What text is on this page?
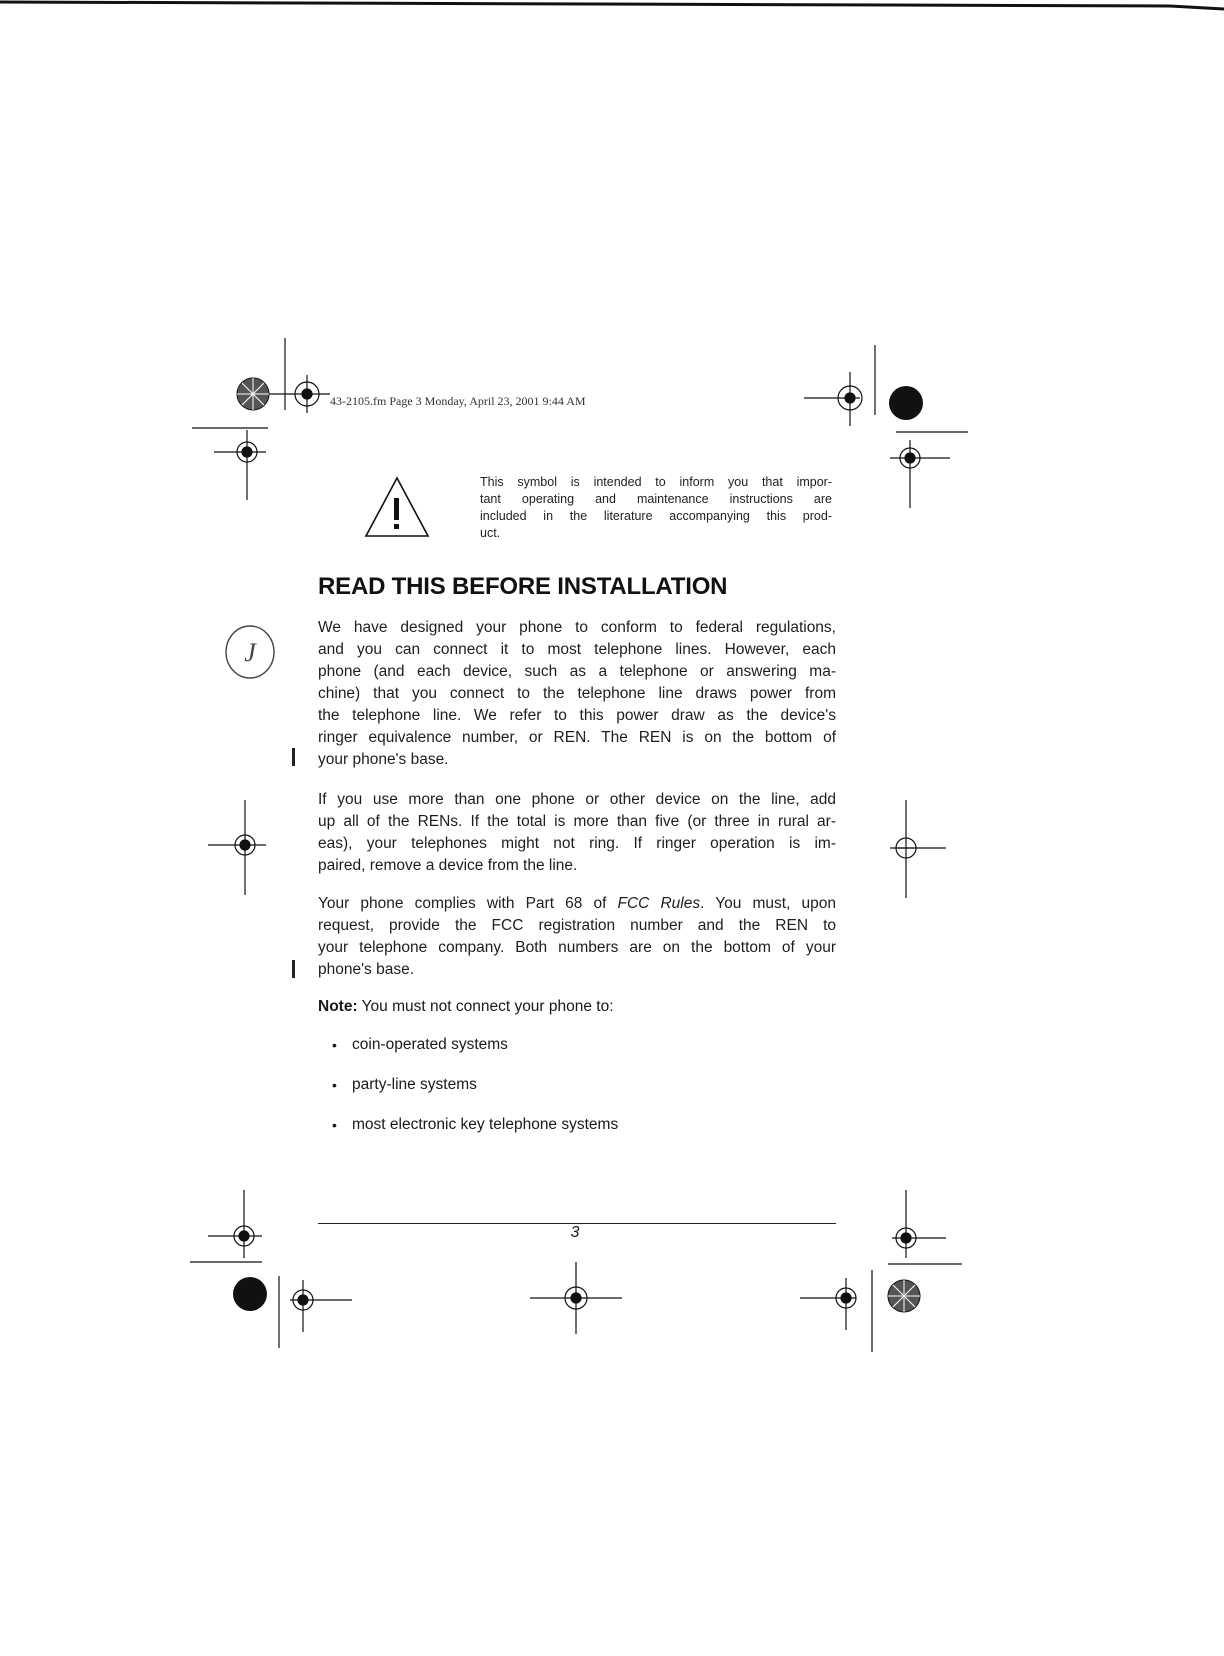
43-2105.fm Page 3 Monday, April 23, 2001 9:44 AM
This symbol is intended to inform you that impor-
tant operating and maintenance instructions are
included in the literature accompanying this prod-
uct.
READ THIS BEFORE INSTALLATION
J
We have designed your phone to conform to federal regulations,
and you can connect it to most telephone lines. However, each
phone (and each device, such as a telephone or answering ma-
chine) that you connect to the telephone line draws power from
the telephone line. We refer to this power draw as the device's
ringer equivalence number, or REN. The REN is on the bottom of
your phone's base.
If you use more than one phone or other device on the line, add
up all of the RENs. If the total is more than five (or three in rural ar-
eas), your telephones might not ring. If ringer operation is im-
paired, remove a device from the line.
Your phone complies with Part 68 of FCC Rules. You must, upon
request, provide the FCC registration number and the REN to
your telephone company. Both numbers are on the bottom of your
phone's base.
Note: You must not connect your phone to:
• coin-operated systems
• party-line systems
• most electronic key telephone systems
3
